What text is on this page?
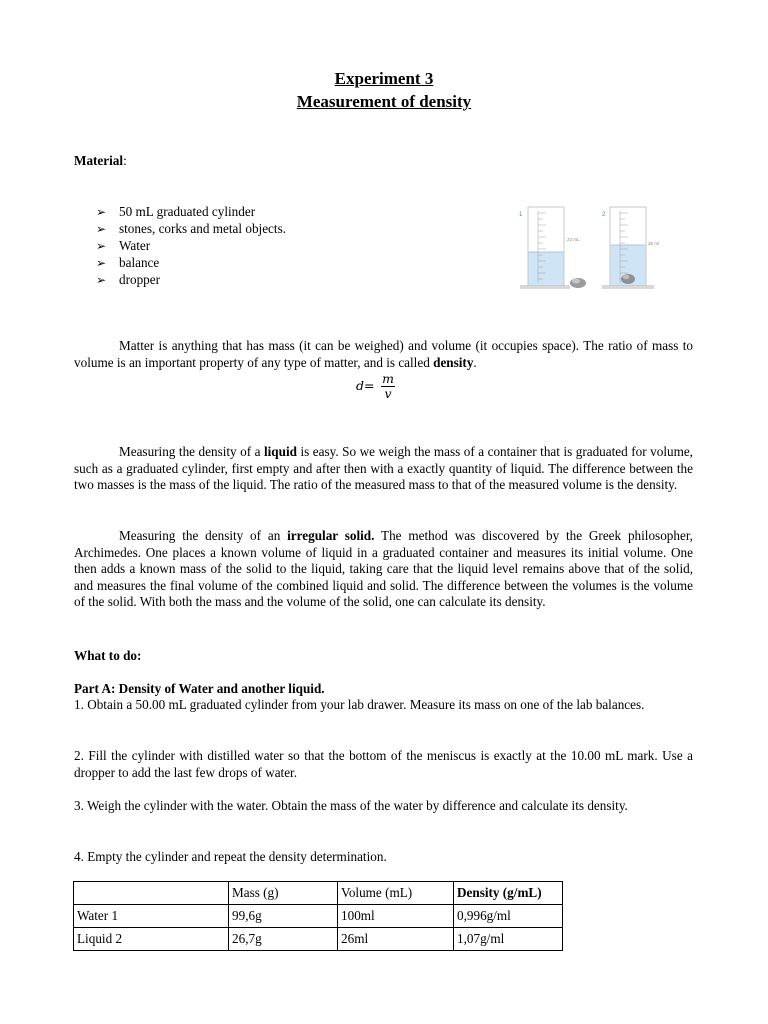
Experiment 3
Measurement of density
Material:
➢ 50 mL graduated cylinder
➢ stones, corks and metal objects.
➢ Water
➢ balance
➢ dropper
1
22 mL
2
26 ml
Matter is anything that has mass (it can be weighed) and volume (it occupies space). The ratio of mass to volume is an important property of any type of matter, and is called density.
d= m
v
Measuring the density of a liquid is easy. So we weigh the mass of a container that is graduated for volume, such as a graduated cylinder, first empty and after then with a exactly quantity of liquid. The difference between the two masses is the mass of the liquid. The ratio of the measured mass to that of the measured volume is the density.
Measuring the density of an irregular solid. The method was discovered by the Greek philosopher, Archimedes. One places a known volume of liquid in a graduated container and measures its initial volume. One then adds a known mass of the solid to the liquid, taking care that the liquid level remains above that of the solid, and measures the final volume of the combined liquid and solid. The difference between the volumes is the volume of the solid. With both the mass and the volume of the solid, one can calculate its density.
What to do:
Part A: Density of Water and another liquid.
1. Obtain a 50.00 mL graduated cylinder from your lab drawer. Measure its mass on one of the lab balances.
2. Fill the cylinder with distilled water so that the bottom of the meniscus is exactly at the 10.00 mL mark. Use a dropper to add the last few drops of water.
3. Weigh the cylinder with the water. Obtain the mass of the water by difference and calculate its density.
4. Empty the cylinder and repeat the density determination.
	Mass (g)	Volume (mL)	Density (g/mL)
Water 1	99,6g	100ml	0,996g/ml
Liquid 2	26,7g	26ml	1,07g/ml
